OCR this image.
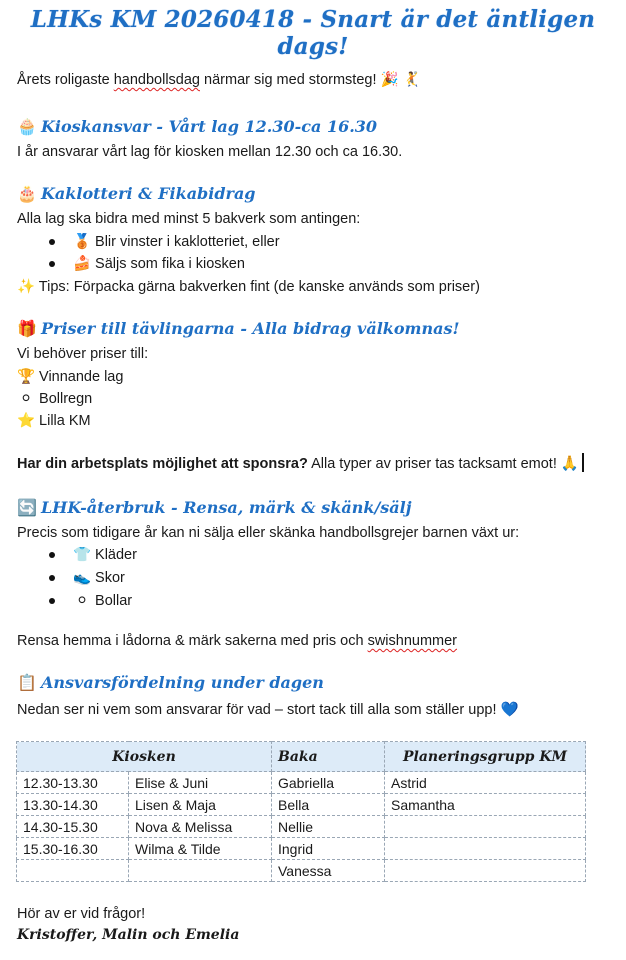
LHKs KM 20260418 - Snart är det äntligen dags!
Årets roligaste handbollsdag närmar sig med stormsteg! 🎉 🤾
🧁 Kioskansvar - Vårt lag 12.30-ca 16.30
I år ansvarar vårt lag för kiosken mellan 12.30 och ca 16.30.
🎂 Kaklotteri & Fikabidrag
Alla lag ska bidra med minst 5 bakverk som antingen:
🥉 Blir vinster i kaklotteriet, eller
🍰 Säljs som fika i kiosken
✨ Tips: Förpacka gärna bakverken fint (de kanske används som priser)
🎁 Priser till tävlingarna - Alla bidrag välkomnas!
Vi behöver priser till:
🏆 Vinnande lag
⚪ Bollregn
⭐ Lilla KM
Har din arbetsplats möjlighet att sponsra? Alla typer av priser tas tacksamt emot! 🙏
🔄 LHK-återbruk - Rensa, märk & skänk/sälj
Precis som tidigare år kan ni sälja eller skänka handbollsgrejer barnen växt ur:
👕 Kläder
👟 Skor
⚪ Bollar
Rensa hemma i lådorna & märk sakerna med pris och swishnummer
📋 Ansvarsfördelning under dagen
Nedan ser ni vem som ansvarar för vad – stort tack till alla som ställer upp! 💙
Kiosken		Baka	Planeringsgrupp KM
12.30-13.30	Elise & Juni	Gabriella	Astrid
13.30-14.30	Lisen & Maja	Bella	Samantha
14.30-15.30	Nova & Melissa	Nellie	
15.30-16.30	Wilma & Tilde	Ingrid	
		Vanessa	
Hör av er vid frågor!
Kristoffer, Malin och Emelia
